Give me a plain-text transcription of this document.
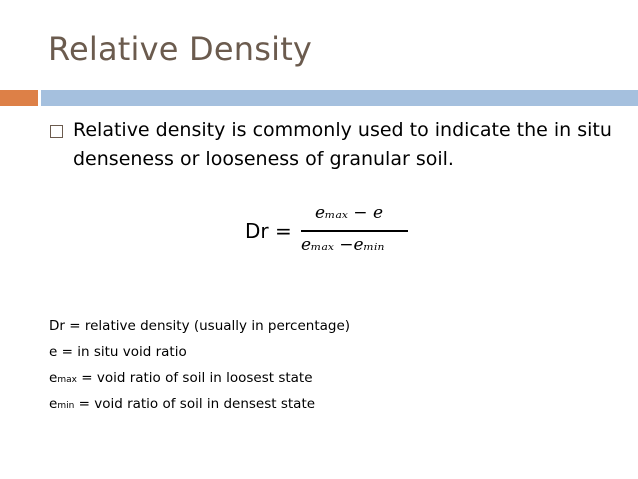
Relative Density
Relative density is commonly used to indicate the in situ denseness or looseness of granular soil.
Dr =
eₘₐₓ − e
eₘₐₓ −eₘᵢₙ
Dr = relative density (usually in percentage)
e = in situ void ratio
emax = void ratio of soil in loosest state
emin = void ratio of soil in densest state
